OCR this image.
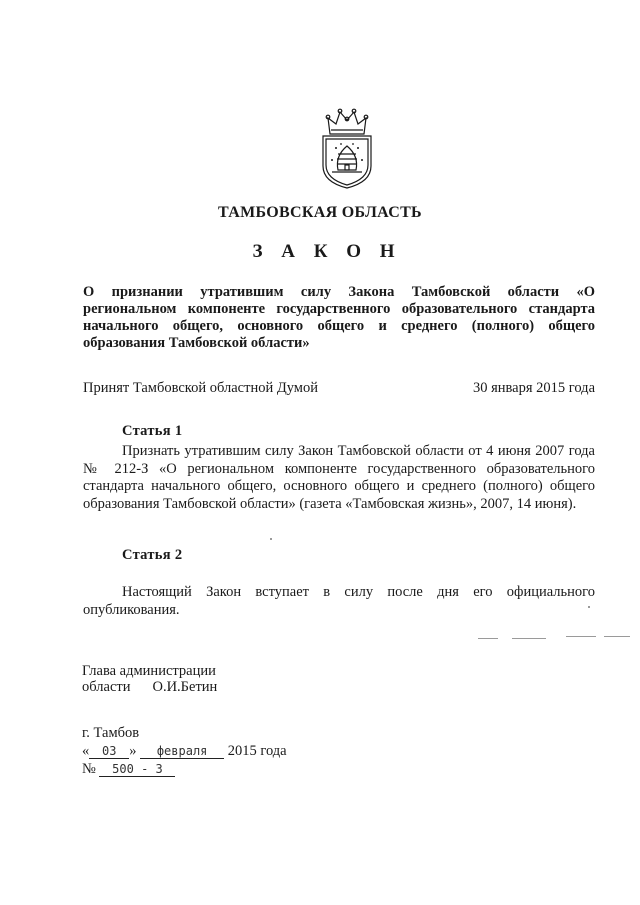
ТАМБОВСКАЯ ОБЛАСТЬ
З А К О Н
О признании утратившим силу Закона Тамбовской области «О региональном компоненте государственного образовательного стандарта начального общего, основного общего и среднего (полного) общего образования Тамбовской области»
Принят Тамбовской областной Думой	30 января 2015 года
Статья 1
Признать утратившим силу Закон Тамбовской области от 4 июня 2007 года № 212-З «О региональном компоненте государственного образовательного стандарта начального общего, основного общего и среднего (полного) общего образования Тамбовской области» (газета «Тамбовская жизнь», 2007, 14 июня).
Статья 2
Настоящий Закон вступает в силу после дня его официального опубликования.
Глава администрации
области О.И.Бетин
г. Тамбов
« 03 » февраля 2015 года
№ 500 - З
